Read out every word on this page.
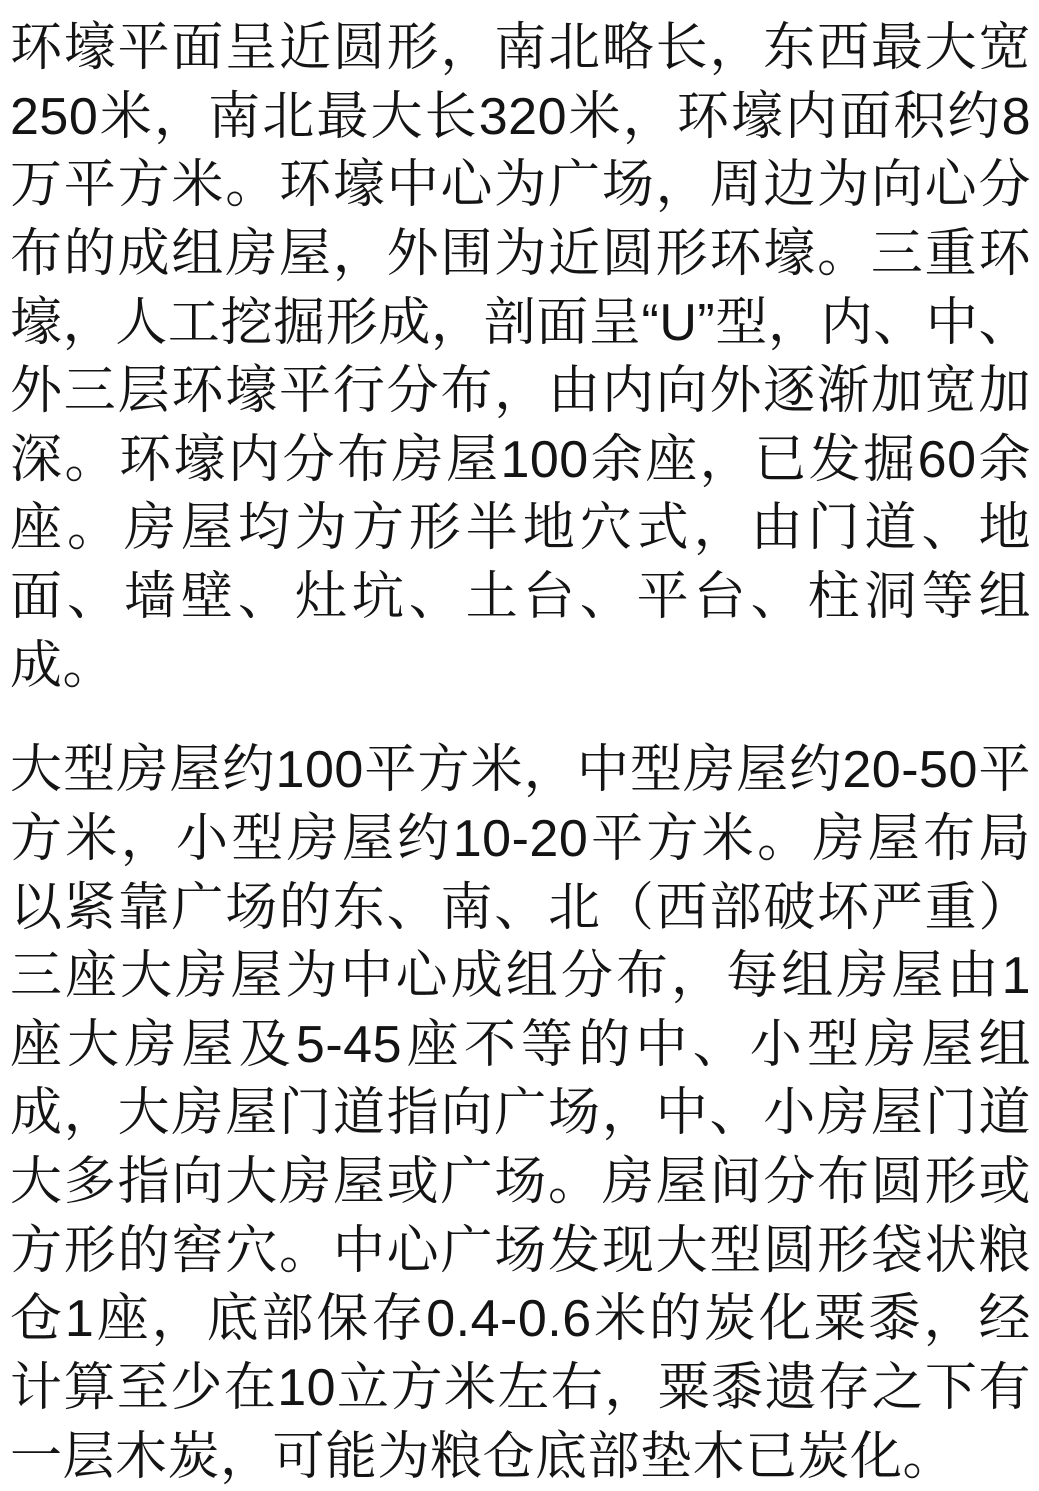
环壕平面呈近圆形，南北略长，东西最大宽250米，南北最大长320米，环壕内面积约8万平方米。环壕中心为广场，周边为向心分布的成组房屋，外围为近圆形环壕。三重环壕，人工挖掘形成，剖面呈“U”型，内、中、外三层环壕平行分布，由内向外逐渐加宽加深。环壕内分布房屋100余座，已发掘60余座。房屋均为方形半地穴式，由门道、地面、墙壁、灶坑、土台、平台、柱洞等组成。

大型房屋约100平方米，中型房屋约20-50平方米，小型房屋约10-20平方米。房屋布局以紧靠广场的东、南、北（西部破坏严重）三座大房屋为中心成组分布，每组房屋由1座大房屋及5-45座不等的中、小型房屋组成，大房屋门道指向广场，中、小房屋门道大多指向大房屋或广场。房屋间分布圆形或方形的窖穴。中心广场发现大型圆形袋状粮仓1座，底部保存0.4-0.6米的炭化粟黍，经计算至少在10立方米左右，粟黍遗存之下有一层木炭，可能为粮仓底部垫木已炭化。
